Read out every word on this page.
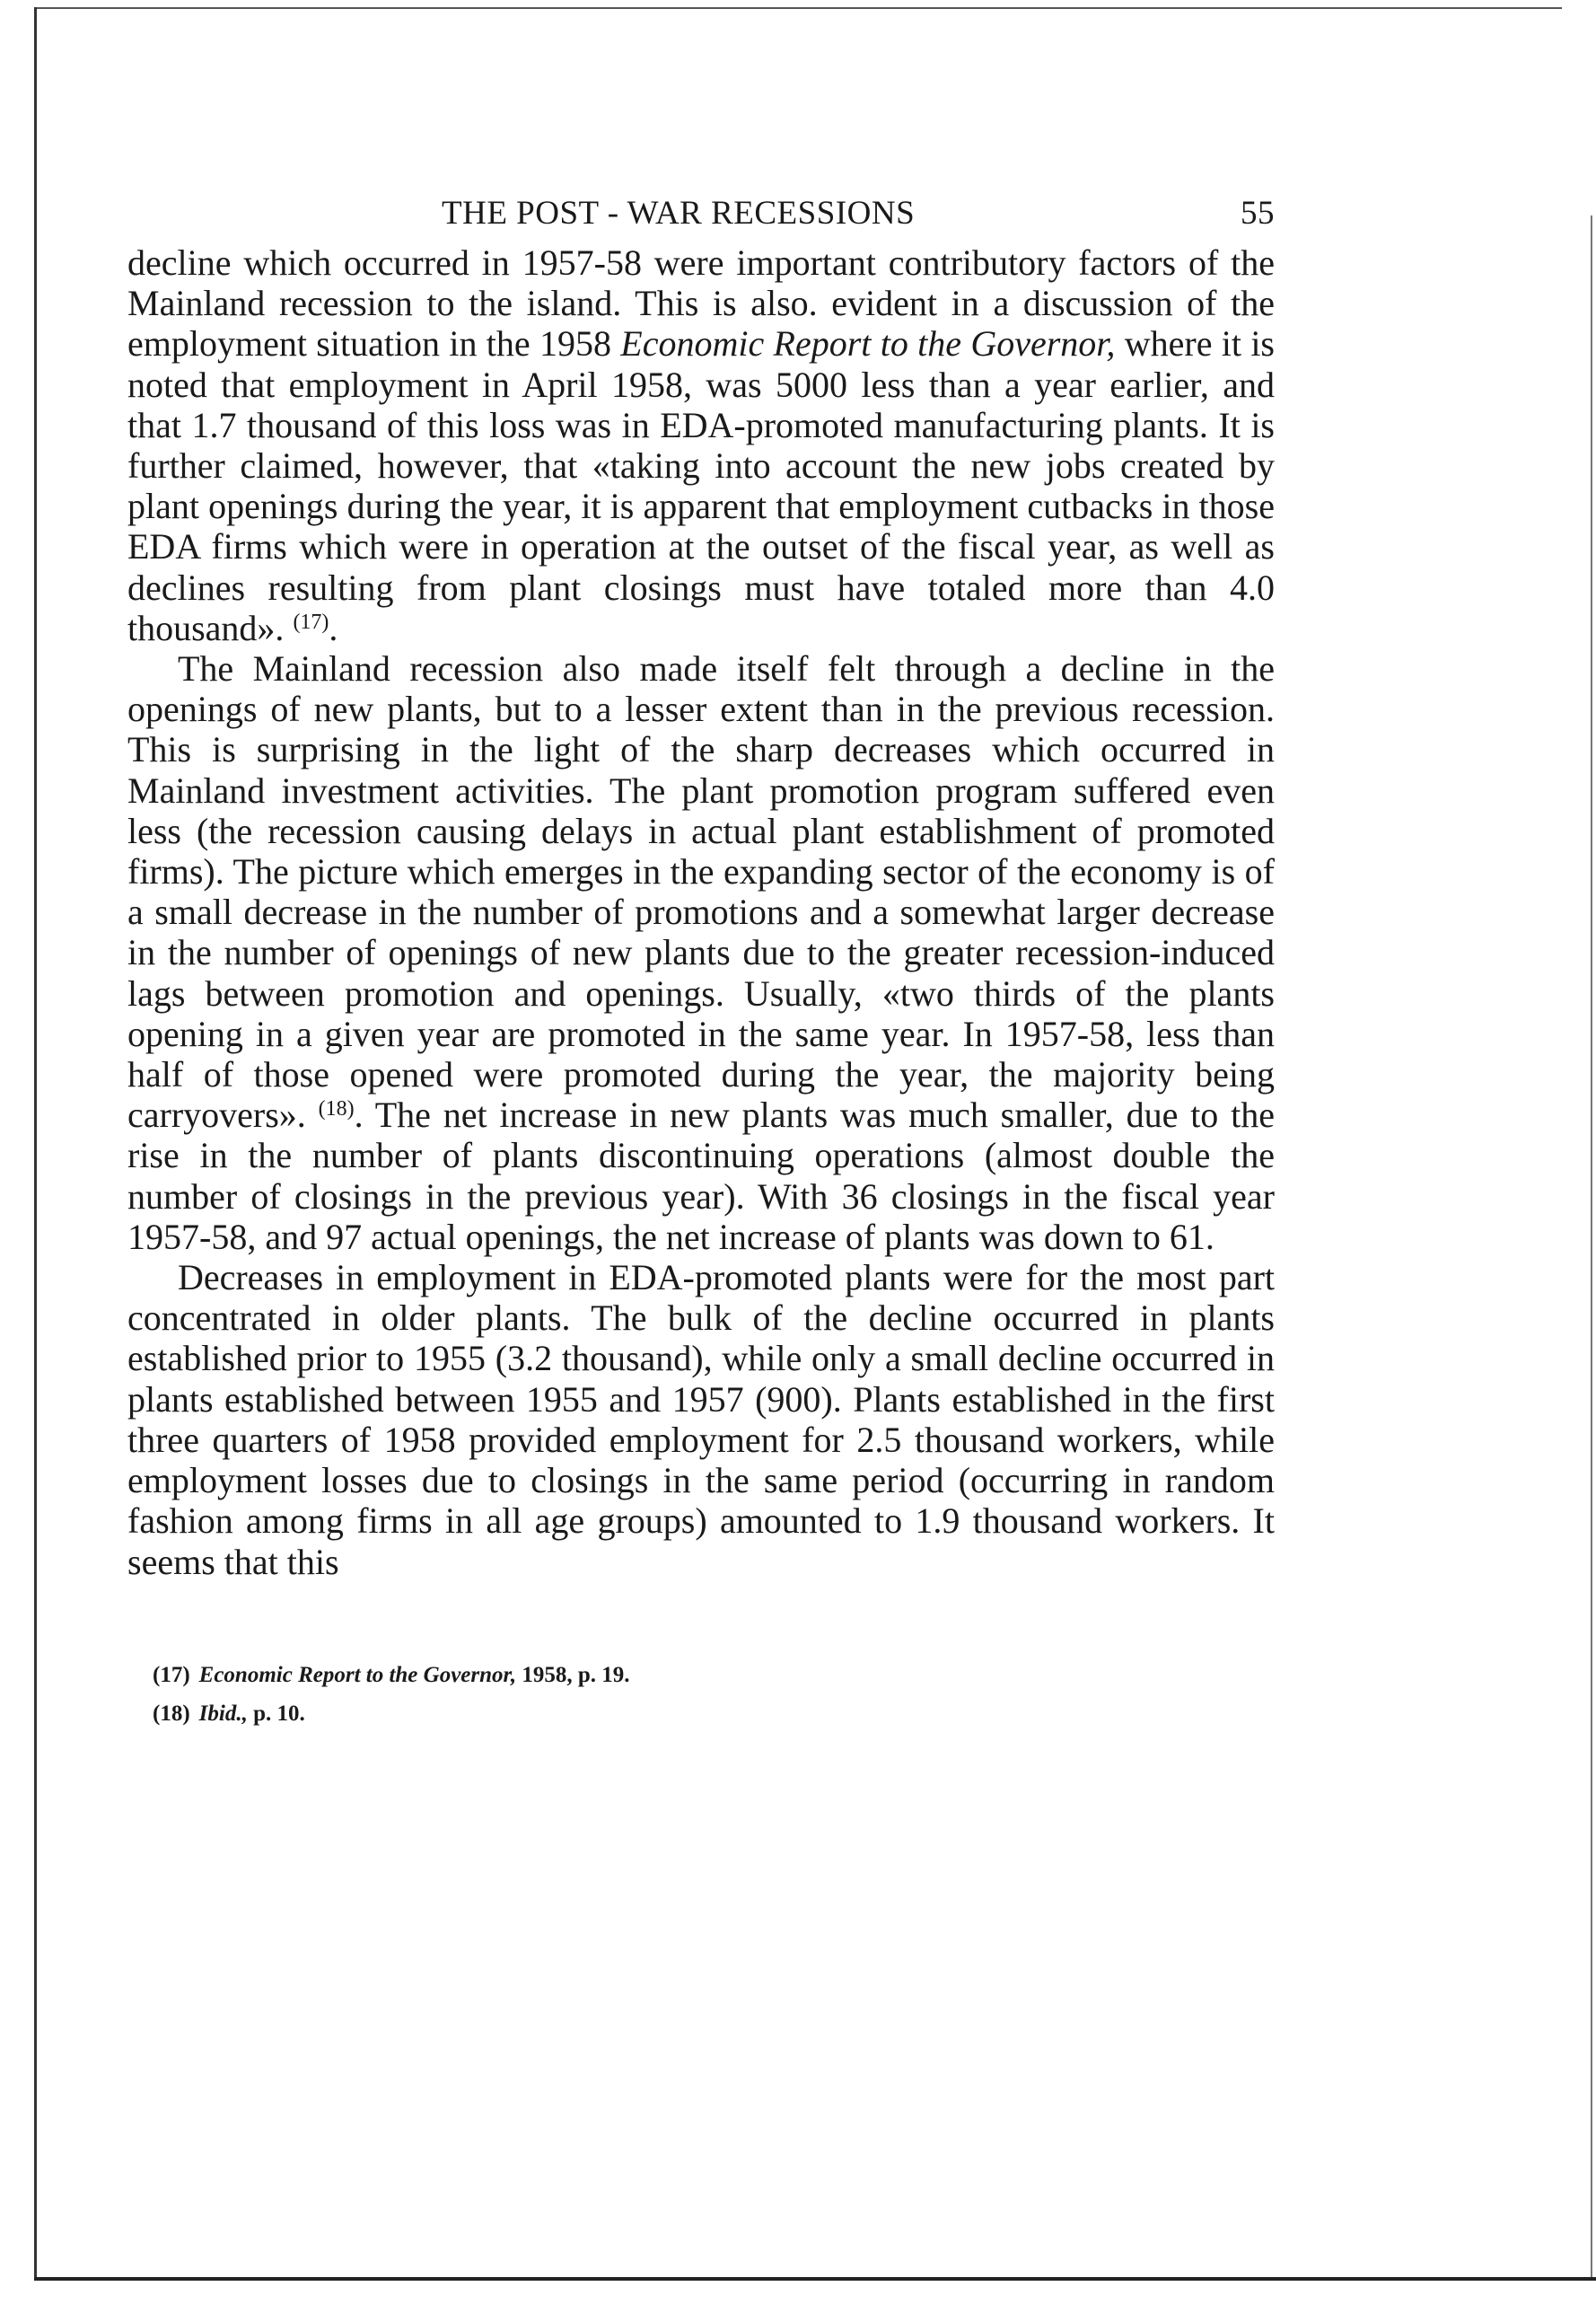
THE POST - WAR RECESSIONS	55

decline which occurred in 1957-58 were important contributory factors of the Mainland recession to the island. This is also. evident in a discussion of the employment situation in the 1958 Economic Report to the Governor, where it is noted that employment in April 1958, was 5000 less than a year earlier, and that 1.7 thousand of this loss was in EDA-promoted manufacturing plants. It is further claimed, however, that «taking into account the new jobs created by plant openings during the year, it is apparent that employment cutbacks in those EDA firms which were in operation at the outset of the fiscal year, as well as declines resulting from plant closings must have totaled more than 4.0 thousand». $^{(17)}$.

The Mainland recession also made itself felt through a decline in the openings of new plants, but to a lesser extent than in the previous recession. This is surprising in the light of the sharp decreases which occurred in Mainland investment activities. The plant promotion program suffered even less (the recession causing delays in actual plant establishment of promoted firms). The picture which emerges in the expanding sector of the economy is of a small decrease in the number of promotions and a somewhat larger decrease in the number of openings of new plants due to the greater recession-induced lags between promotion and openings. Usually, «two thirds of the plants opening in a given year are promoted in the same year. In 1957-58, less than half of those opened were promoted during the year, the majority being carryovers». $^{(18)}$. The net increase in new plants was much smaller, due to the rise in the number of plants discontinuing operations (almost double the number of closings in the previous year). With 36 closings in the fiscal year 1957-58, and 97 actual openings, the net increase of plants was down to 61.

Decreases in employment in EDA-promoted plants were for the most part concentrated in older plants. The bulk of the decline occurred in plants established prior to 1955 (3.2 thousand), while only a small decline occurred in plants established between 1955 and 1957 (900). Plants established in the first three quarters of 1958 provided employment for 2.5 thousand workers, while employment losses due to closings in the same period (occurring in random fashion among firms in all age groups) amounted to 1.9 thousand workers. It seems that this

(17) Economic Report to the Governor, 1958, p. 19.
(18) Ibid., p. 10.
